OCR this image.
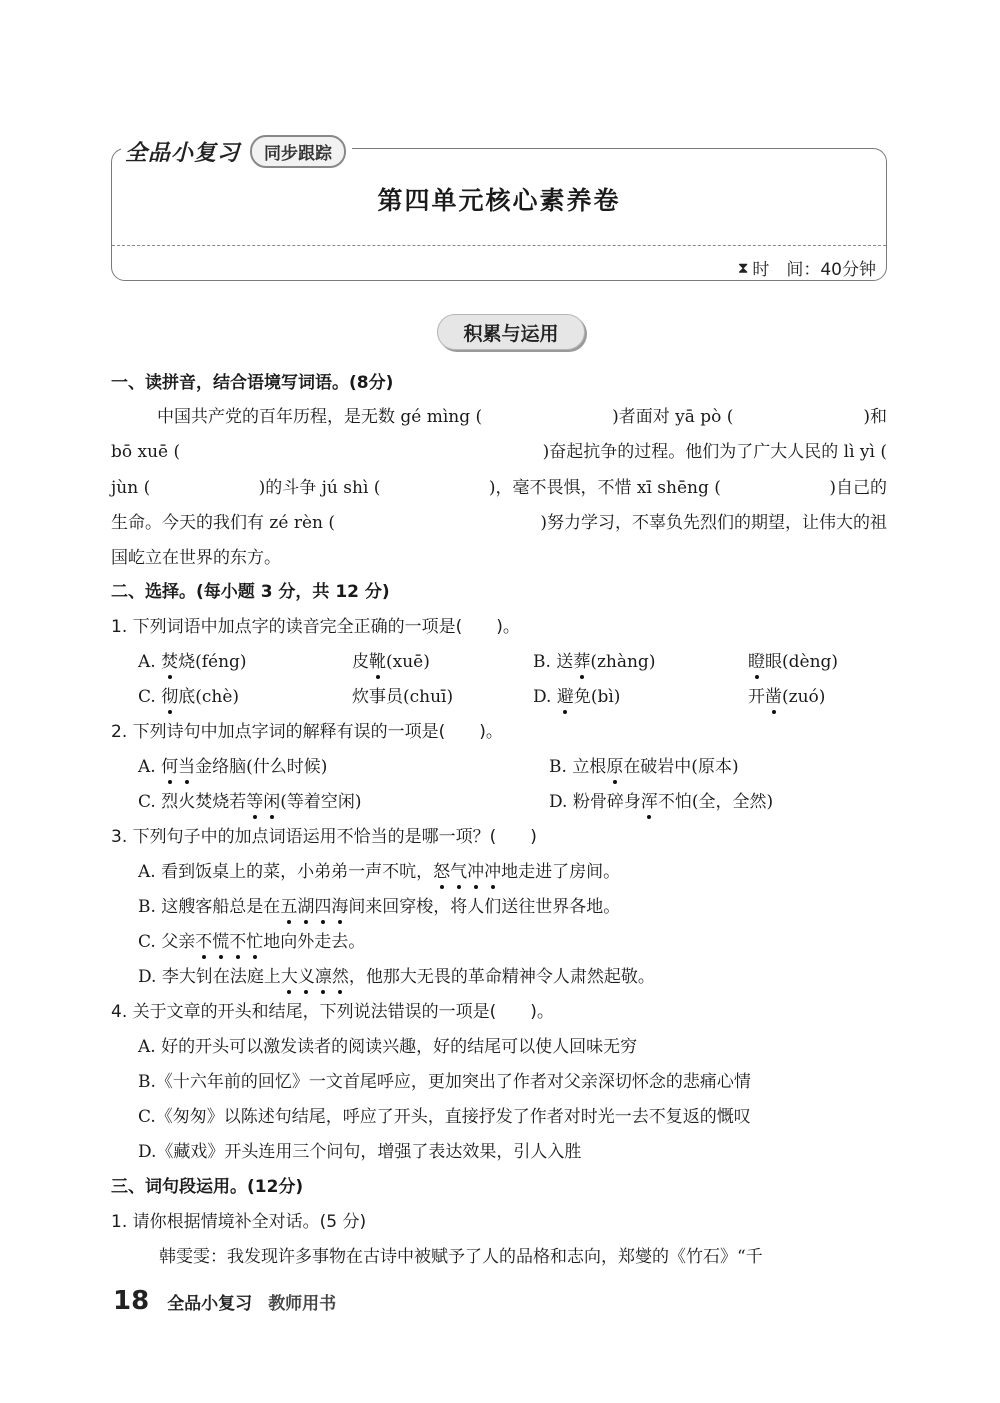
全品小复习	同步跟踪
第四单元核心素养卷
⧗ 时　间：40分钟
积累与运用
一、读拼音，结合语境写词语。(8分)
中国共产党的百年历程，是无数 gé mìng (	)者面对 yā pò (	)和
bō xuē (	)奋起抗争的过程。他们为了广大人民的 lì yì (
jùn (	)的斗争 jú shì (	)，毫不畏惧，不惜 xī shēng (	)自己的
生命。今天的我们有 zé rèn (	)努力学习，不辜负先烈们的期望，让伟大的祖
国屹立在世界的东方。
二、选择。(每小题 3 分，共 12 分)
1. 下列词语中加点字的读音完全正确的一项是(　　)。
A. 焚烧(féng)	皮靴(xuē)	B. 送葬(zhàng)	瞪眼(dèng)
C. 彻底(chè)	炊事员(chuī)	D. 避免(bì)	开凿(zuó)
2. 下列诗句中加点字词的解释有误的一项是(　　)。
A. 何当金络脑(什么时候)	B. 立根原在破岩中(原本)
C. 烈火焚烧若等闲(等着空闲)	D. 粉骨碎身浑不怕(全，全然)
3. 下列句子中的加点词语运用不恰当的是哪一项？(　　)
A. 看到饭桌上的菜，小弟弟一声不吭，怒气冲冲地走进了房间。
B. 这艘客船总是在五湖四海间来回穿梭，将人们送往世界各地。
C. 父亲不慌不忙地向外走去。
D. 李大钊在法庭上大义凛然，他那大无畏的革命精神令人肃然起敬。
4. 关于文章的开头和结尾，下列说法错误的一项是(　　)。
A. 好的开头可以激发读者的阅读兴趣，好的结尾可以使人回味无穷
B.《十六年前的回忆》一文首尾呼应，更加突出了作者对父亲深切怀念的悲痛心情
C.《匆匆》以陈述句结尾，呼应了开头，直接抒发了作者对时光一去不复返的慨叹
D.《藏戏》开头连用三个问句，增强了表达效果，引人入胜
三、词句段运用。(12分)
1. 请你根据情境补全对话。(5 分)
韩雯雯：我发现许多事物在古诗中被赋予了人的品格和志向，郑燮的《竹石》“千
18 全品小复习 教师用书
